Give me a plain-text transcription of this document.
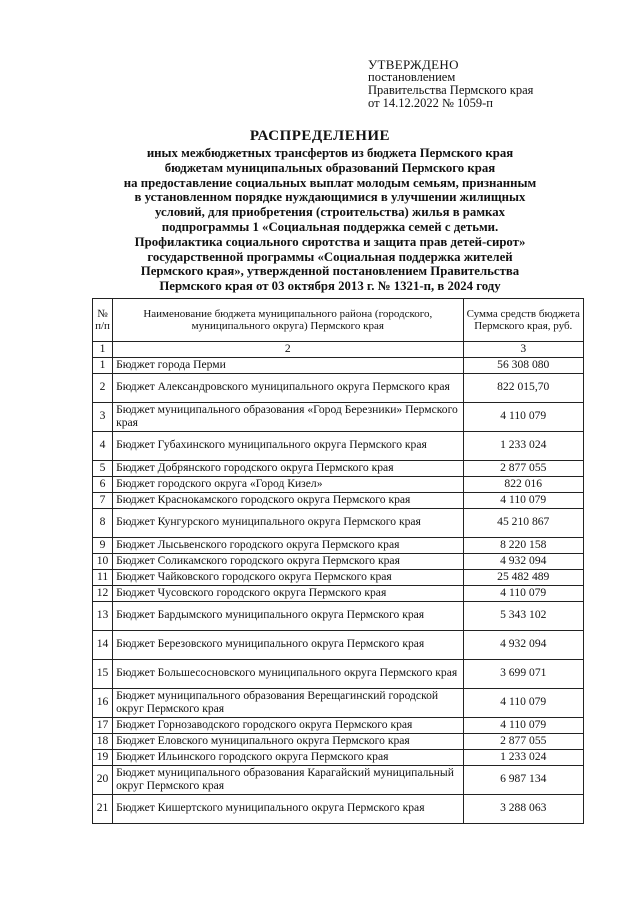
УТВЕРЖДЕНО
постановлением
Правительства Пермского края
от 14.12.2022 № 1059-п
РАСПРЕДЕЛЕНИЕ
иных межбюджетных трансфертов из бюджета Пермского края
бюджетам муниципальных образований Пермского края
на предоставление социальных выплат молодым семьям, признанным
в установленном порядке нуждающимися в улучшении жилищных
условий, для приобретения (строительства) жилья в рамках
подпрограммы 1 «Социальная поддержка семей с детьми.
Профилактика социального сиротства и защита прав детей-сирот»
государственной программы «Социальная поддержка жителей
Пермского края», утвержденной постановлением Правительства
Пермского края от 03 октября 2013 г. № 1321-п, в 2024 году
№ п/п	Наименование бюджета муниципального района (городского, муниципального округа) Пермского края	Сумма средств бюджета Пермского края, руб.
1	2	3
1	Бюджет города Перми	56 308 080
2	Бюджет Александровского муниципального округа Пермского края	822 015,70
3	Бюджет муниципального образования «Город Березники» Пермского края	4 110 079
4	Бюджет Губахинского муниципального округа Пермского края	1 233 024
5	Бюджет Добрянского городского округа Пермского края	2 877 055
6	Бюджет городского округа «Город Кизел»	822 016
7	Бюджет Краснокамского городского округа Пермского края	4 110 079
8	Бюджет Кунгурского муниципального округа Пермского края	45 210 867
9	Бюджет Лысьвенского городского округа Пермского края	8 220 158
10	Бюджет Соликамского городского округа Пермского края	4 932 094
11	Бюджет Чайковского городского округа Пермского края	25 482 489
12	Бюджет Чусовского городского округа Пермского края	4 110 079
13	Бюджет Бардымского муниципального округа Пермского края	5 343 102
14	Бюджет Березовского муниципального округа Пермского края	4 932 094
15	Бюджет Большесосновского муниципального округа Пермского края	3 699 071
16	Бюджет муниципального образования Верещагинский городской округ Пермского края	4 110 079
17	Бюджет Горнозаводского городского округа Пермского края	4 110 079
18	Бюджет Еловского муниципального округа Пермского края	2 877 055
19	Бюджет Ильинского городского округа Пермского края	1 233 024
20	Бюджет муниципального образования Карагайский муниципальный округ Пермского края	6 987 134
21	Бюджет Кишертского муниципального округа Пермского края	3 288 063
